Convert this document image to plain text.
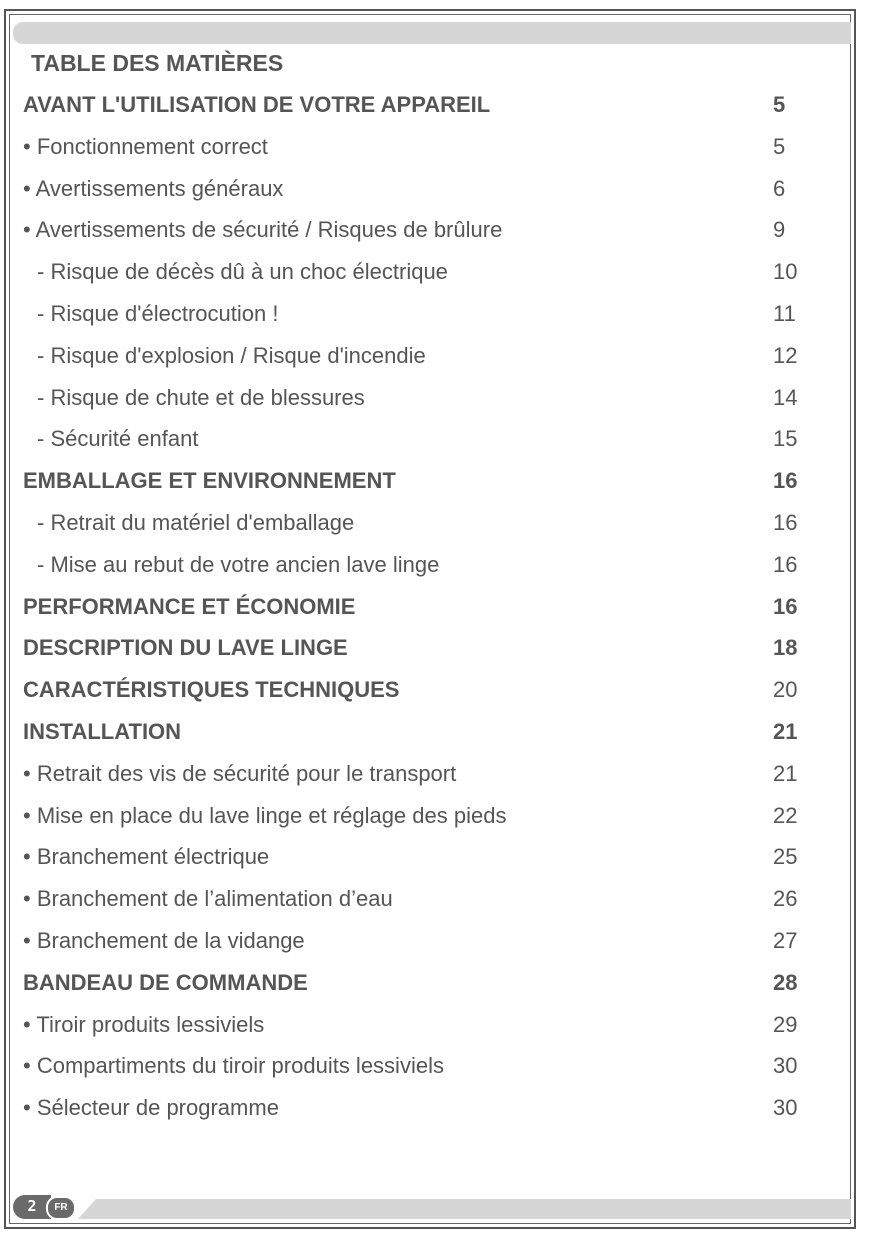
TABLE DES MATIÈRES
AVANT L'UTILISATION DE VOTRE APPAREIL	5
• Fonctionnement correct	5
• Avertissements généraux	6
• Avertissements de sécurité / Risques de brûlure	9
- Risque de décès dû à un choc électrique	10
- Risque d'électrocution !	11
- Risque d'explosion / Risque d'incendie	12
- Risque de chute et de blessures	14
- Sécurité enfant	15
EMBALLAGE ET ENVIRONNEMENT	16
- Retrait du matériel d'emballage	16
- Mise au rebut de votre ancien lave linge	16
PERFORMANCE ET ÉCONOMIE	16
DESCRIPTION DU LAVE LINGE	18
CARACTÉRISTIQUES TECHNIQUES	20
INSTALLATION	21
• Retrait des vis de sécurité pour le transport	21
• Mise en place du lave linge et réglage des pieds	22
• Branchement électrique	25
• Branchement de l’alimentation d’eau	26
• Branchement de la vidange	27
BANDEAU DE COMMANDE	28
• Tiroir produits lessiviels	29
• Compartiments du tiroir produits lessiviels	30
• Sélecteur de programme	30
2	FR
